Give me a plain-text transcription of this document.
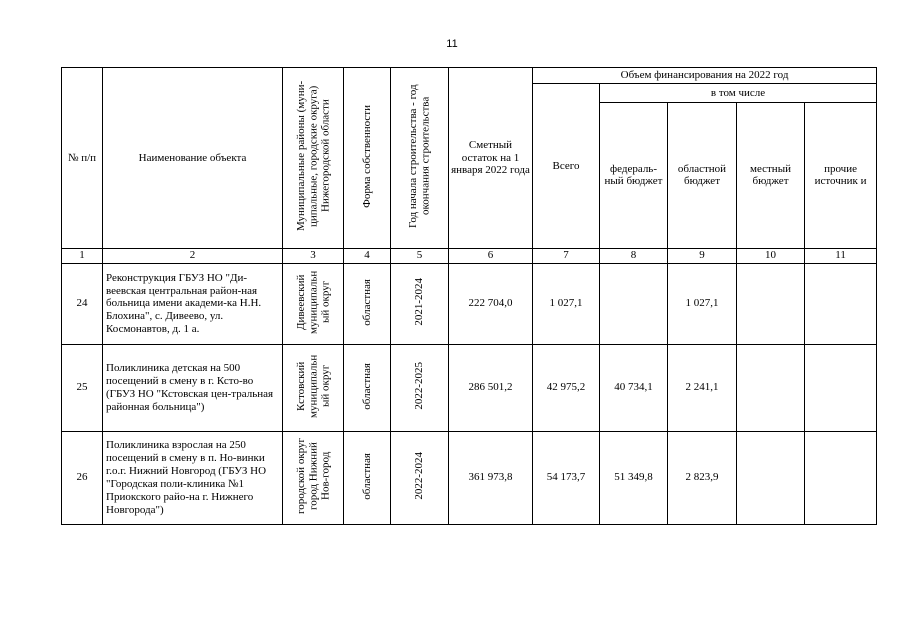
11
№ п/п	Наименование объекта	Муниципальные районы (муни-ципальные, городские округа) Нижегородской области	Форма собственности	Год начала строительства - год окончания строительства	Сметный остаток на 1 января 2022 года	Объем финансирования на 2022 год				
						Всего	в том числе			
							федераль-ный бюджет	областной бюджет	местный бюджет	прочие источник и
1	2	3	4	5	6	7	8	9	10	11
24	Реконструкция ГБУЗ НО "Ди-веевская центральная район-ная больница имени академи-ка Н.Н. Блохина", с. Дивеево, ул. Космонавтов, д. 1 а.	Дивеевский муниципальн ый округ	областная	2021-2024	222 704,0	1 027,1		1 027,1		
25	Поликлиника детская на 500 посещений в смену в г. Ксто-во (ГБУЗ НО "Кстовская цен-тральная районная больница")	Кстовский муниципальн ый округ	областная	2022-2025	286 501,2	42 975,2	40 734,1	2 241,1		
26	Поликлиника взрослая на 250 посещений в смену в п. Но-винки г.о.г. Нижний Новгород (ГБУЗ НО "Городская поли-клиника №1 Приокского райо-на г. Нижнего Новгорода")	городской округ город Нижний Нов-город	областная	2022-2024	361 973,8	54 173,7	51 349,8	2 823,9		
